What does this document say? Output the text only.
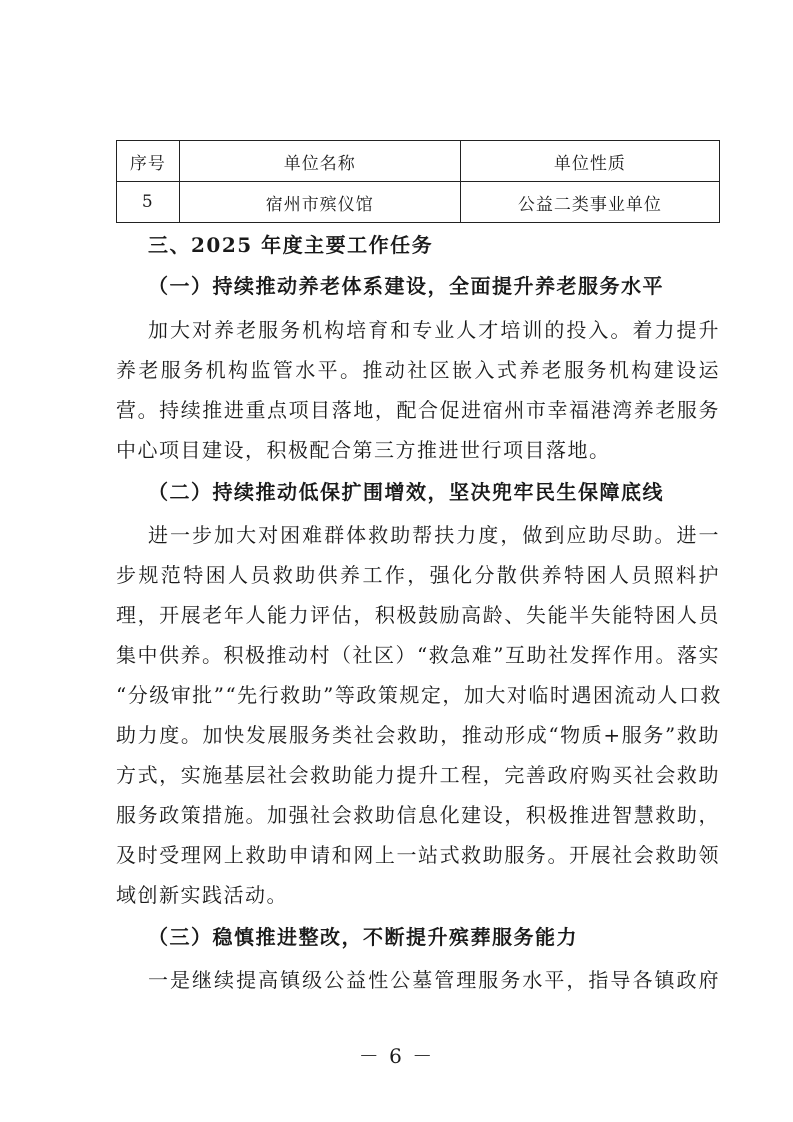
序号	单位名称	单位性质
5	宿州市殡仪馆	公益二类事业单位
三、2025 年度主要工作任务
（一）持续推动养老体系建设，全面提升养老服务水平
加大对养老服务机构培育和专业人才培训的投入。着力提升
养老服务机构监管水平。推动社区嵌入式养老服务机构建设运
营。持续推进重点项目落地，配合促进宿州市幸福港湾养老服务
中心项目建设，积极配合第三方推进世行项目落地。
（二）持续推动低保扩围增效，坚决兜牢民生保障底线
进一步加大对困难群体救助帮扶力度，做到应助尽助。进一
步规范特困人员救助供养工作，强化分散供养特困人员照料护
理，开展老年人能力评估，积极鼓励高龄、失能半失能特困人员
集中供养。积极推动村（社区）“救急难”互助社发挥作用。落实
“分级审批”“先行救助”等政策规定，加大对临时遇困流动人口救
助力度。加快发展服务类社会救助，推动形成“物质+服务”救助
方式，实施基层社会救助能力提升工程，完善政府购买社会救助
服务政策措施。加强社会救助信息化建设，积极推进智慧救助，
及时受理网上救助申请和网上一站式救助服务。开展社会救助领
域创新实践活动。
（三）稳慎推进整改，不断提升殡葬服务能力
一是继续提高镇级公益性公墓管理服务水平，指导各镇政府
－ 6 －
